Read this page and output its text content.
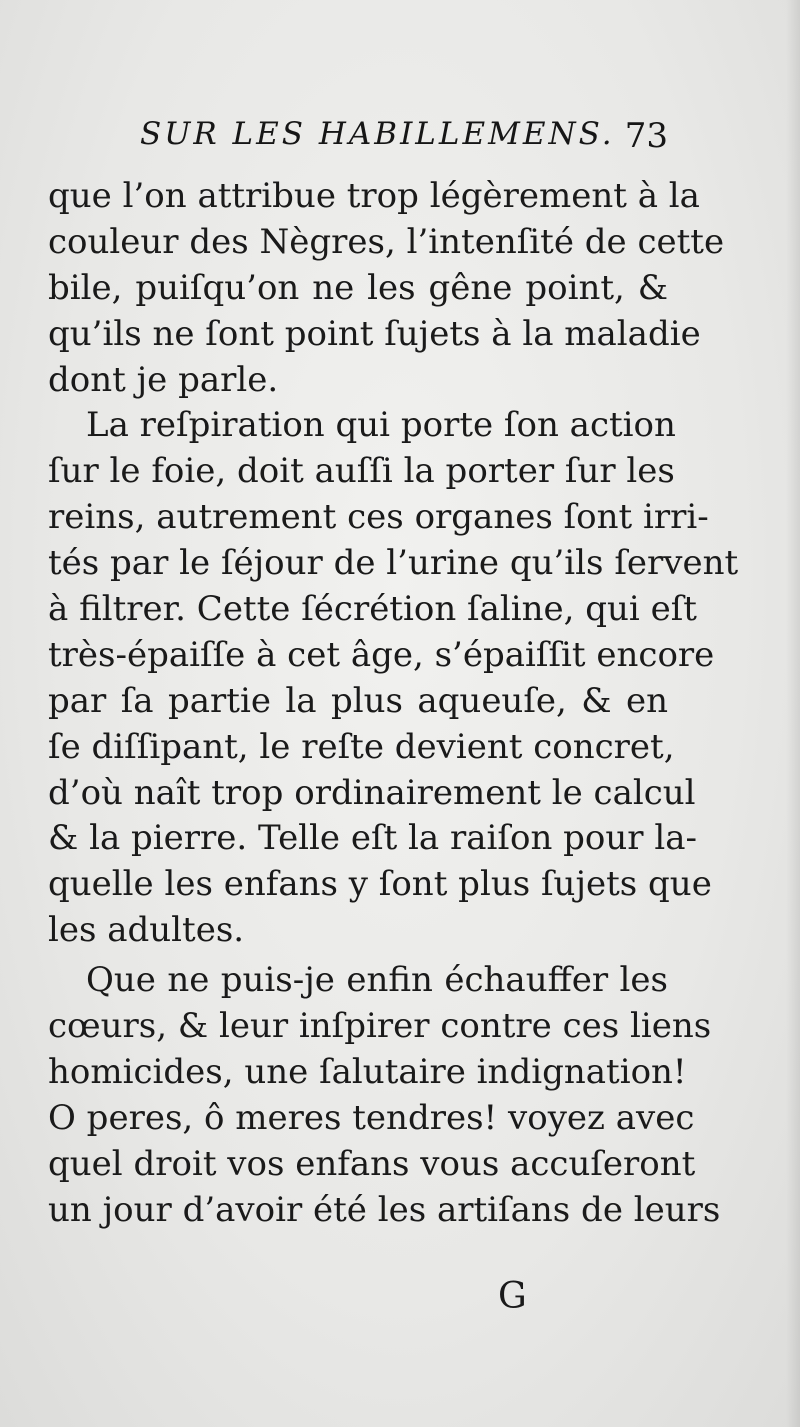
SUR LES HABILLEMENS. 73
que l’on attribue trop légèrement à la
couleur des Nègres, l’intenſité de cette
bile, puiſqu’on ne les gêne point, &
qu’ils ne ſont point ſujets à la maladie
dont je parle.
La reſpiration qui porte ſon action
ſur le foie, doit auſſi la porter ſur les
reins, autrement ces organes ſont irri-
tés par le ſéjour de l’urine qu’ils ſervent
à filtrer. Cette ſécrétion ſaline, qui eſt
très-épaiſſe à cet âge, s’épaiſſit encore
par ſa partie la plus aqueuſe, & en
ſe diſſipant, le reſte devient concret,
d’où naît trop ordinairement le calcul
& la pierre. Telle eſt la raiſon pour la-
quelle les enfans y ſont plus ſujets que
les adultes.
Que ne puis-je enfin échauffer les
cœurs, & leur inſpirer contre ces liens
homicides, une ſalutaire indignation!
O peres, ô meres tendres! voyez avec
quel droit vos enfans vous accuſeront
un jour d’avoir été les artiſans de leurs
G
